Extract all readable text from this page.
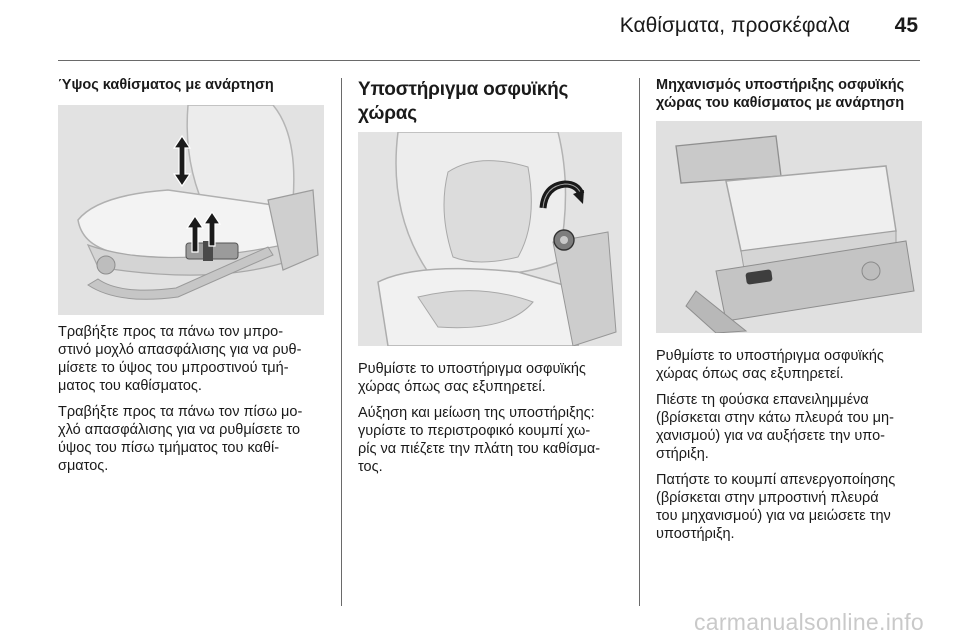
Καθίσματα, προσκέφαλα 45
Ύψος καθίσματος με ανάρτηση

Τραβήξτε προς τα πάνω τον μπρο-
στινό μοχλό απασφάλισης για να ρυθ-
μίσετε το ύψος του μπροστινού τμή-
ματος του καθίσματος.

Τραβήξτε προς τα πάνω τον πίσω μο-
χλό απασφάλισης για να ρυθμίσετε το
ύψος του πίσω τμήματος του καθί-
σματος.

Υποστήριγμα οσφυϊκής χώρας

Ρυθμίστε το υποστήριγμα οσφυϊκής
χώρας όπως σας εξυπηρετεί.

Αύξηση και μείωση της υποστήριξης:
γυρίστε το περιστροφικό κουμπί χω-
ρίς να πιέζετε την πλάτη του καθίσμα-
τος.

Μηχανισμός υποστήριξης οσφυϊκής
χώρας του καθίσματος με ανάρτηση

Ρυθμίστε το υποστήριγμα οσφυϊκής
χώρας όπως σας εξυπηρετεί.

Πιέστε τη φούσκα επανειλημμένα
(βρίσκεται στην κάτω πλευρά του μη-
χανισμού) για να αυξήσετε την υπο-
στήριξη.

Πατήστε το κουμπί απενεργοποίησης
(βρίσκεται στην μπροστινή πλευρά
του μηχανισμού) για να μειώσετε την
υποστήριξη.

carmanualsonline.info
